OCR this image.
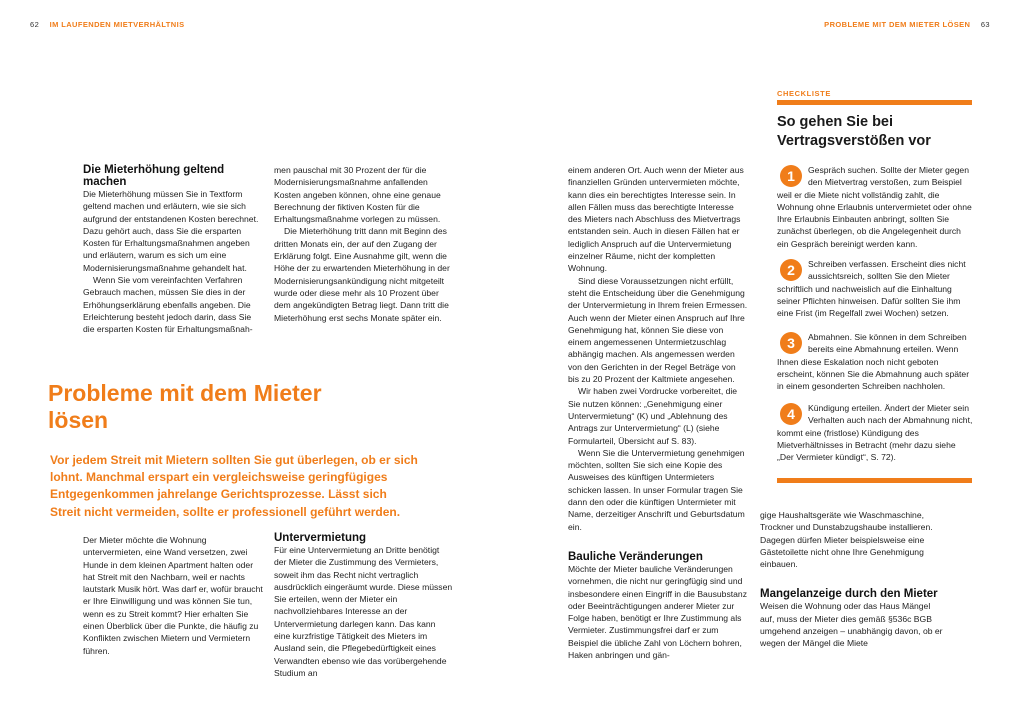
62 IM LAUFENDEN MIETVERHÄLTNIS	PROBLEME MIT DEM MIETER LÖSEN 63
Die Mieterhöhung geltend machen

Die Mieterhöhung müssen Sie in Textform geltend machen und erläutern, wie sie sich aufgrund der entstandenen Kosten berechnet. Dazu gehört auch, dass Sie die ersparten Kosten für Erhaltungsmaßnahmen angeben und erläutern, warum es sich um eine Modernisierungsmaßnahme gehandelt hat.

Wenn Sie vom vereinfachten Verfahren Gebrauch machen, müssen Sie dies in der Erhöhungserklärung ebenfalls angeben. Die Erleichterung besteht jedoch darin, dass Sie die ersparten Kosten für Erhaltungsmaßnah-

men pauschal mit 30 Prozent der für die Modernisierungsmaßnahme anfallenden Kosten angeben können, ohne eine genaue Berechnung der fiktiven Kosten für die Erhaltungsmaßnahme vorlegen zu müssen.

Die Mieterhöhung tritt dann mit Beginn des dritten Monats ein, der auf den Zugang der Erklärung folgt. Eine Ausnahme gilt, wenn die Höhe der zu erwartenden Mieterhöhung in der Modernisierungsankündigung nicht mitgeteilt wurde oder diese mehr als 10 Prozent über dem angekündigten Betrag liegt. Dann tritt die Mieterhöhung erst sechs Monate später ein.

Probleme mit dem Mieter lösen

Vor jedem Streit mit Mietern sollten Sie gut überlegen, ob er sich lohnt. Manchmal erspart ein vergleichsweise geringfügiges Entgegenkommen jahrelange Gerichtsprozesse. Lässt sich Streit nicht vermeiden, sollte er professionell geführt werden.

Der Mieter möchte die Wohnung untervermieten, eine Wand versetzen, zwei Hunde in dem kleinen Apartment halten oder hat Streit mit den Nachbarn, weil er nachts lautstark Musik hört. Was darf er, wofür braucht er Ihre Einwilligung und was können Sie tun, wenn es zu Streit kommt? Hier erhalten Sie einen Überblick über die Punkte, die häufig zu Konflikten zwischen Mietern und Vermietern führen.

Untervermietung

Für eine Untervermietung an Dritte benötigt der Mieter die Zustimmung des Vermieters, soweit ihm das Recht nicht vertraglich ausdrücklich eingeräumt wurde. Diese müssen Sie erteilen, wenn der Mieter ein nachvollziehbares Interesse an der Untervermietung darlegen kann. Das kann eine kurzfristige Tätigkeit des Mieters im Ausland sein, die Pflegebedürftigkeit eines Verwandten ebenso wie das vorübergehende Studium an

einem anderen Ort. Auch wenn der Mieter aus finanziellen Gründen untervermieten möchte, kann dies ein berechtigtes Interesse sein. In allen Fällen muss das berechtigte Interesse des Mieters nach Abschluss des Mietvertrags entstanden sein. Auch in diesen Fällen hat er lediglich Anspruch auf die Untervermietung einzelner Räume, nicht der kompletten Wohnung.

Sind diese Voraussetzungen nicht erfüllt, steht die Entscheidung über die Genehmigung der Untervermietung in Ihrem freien Ermessen. Auch wenn der Mieter einen Anspruch auf Ihre Genehmigung hat, können Sie diese von einem angemessenen Untermietzuschlag abhängig machen. Als angemessen werden von den Gerichten in der Regel Beträge von bis zu 20 Prozent der Kaltmiete angesehen.

Wir haben zwei Vordrucke vorbereitet, die Sie nutzen können: „Genehmigung einer Untervermietung“ (K) und „Ablehnung des Antrags zur Untervermietung“ (L) (siehe Formularteil, Übersicht auf S. 83).

Wenn Sie die Untervermietung genehmigen möchten, sollten Sie sich eine Kopie des Ausweises des künftigen Untermieters schicken lassen. In unser Formular tragen Sie dann den oder die künftigen Untermieter mit Name, derzeitiger Anschrift und Geburtsdatum ein.

Bauliche Veränderungen

Möchte der Mieter bauliche Veränderungen vornehmen, die nicht nur geringfügig sind und insbesondere einen Eingriff in die Bausubstanz oder Beeinträchtigungen anderer Mieter zur Folge haben, benötigt er Ihre Zustimmung als Vermieter. Zustimmungsfrei darf er zum Beispiel die übliche Zahl von Löchern bohren, Haken anbringen und gän-

CHECKLISTE
So gehen Sie bei Vertragsverstößen vor
1	Gespräch suchen. Sollte der Mieter gegen den Mietvertrag verstoßen, zum Beispiel weil er die Miete nicht vollständig zahlt, die Wohnung ohne Erlaubnis untervermietet oder ohne Ihre Erlaubnis Einbauten anbringt, sollten Sie zunächst überlegen, ob die Angelegenheit durch ein Gespräch bereinigt werden kann.
2	Schreiben verfassen. Erscheint dies nicht aussichtsreich, sollten Sie den Mieter schriftlich und nachweislich auf die Einhaltung seiner Pflichten hinweisen. Dafür sollten Sie ihm eine Frist (im Regelfall zwei Wochen) setzen.
3	Abmahnen. Sie können in dem Schreiben bereits eine Abmahnung erteilen. Wenn Ihnen diese Eskalation noch nicht geboten erscheint, können Sie die Abmahnung auch später in einem gesonderten Schreiben nachholen.
4	Kündigung erteilen. Ändert der Mieter sein Verhalten auch nach der Abmahnung nicht, kommt eine (fristlose) Kündigung des Mietverhältnisses in Betracht (mehr dazu siehe „Der Vermieter kündigt“, S. 72).

gige Haushaltsgeräte wie Waschmaschine, Trockner und Dunstabzugshaube installieren. Dagegen dürfen Mieter beispielsweise eine Gästetoilette nicht ohne Ihre Genehmigung einbauen.

Mangelanzeige durch den Mieter

Weisen die Wohnung oder das Haus Mängel auf, muss der Mieter dies gemäß §536c BGB umgehend anzeigen – unabhängig davon, ob er wegen der Mängel die Miete
